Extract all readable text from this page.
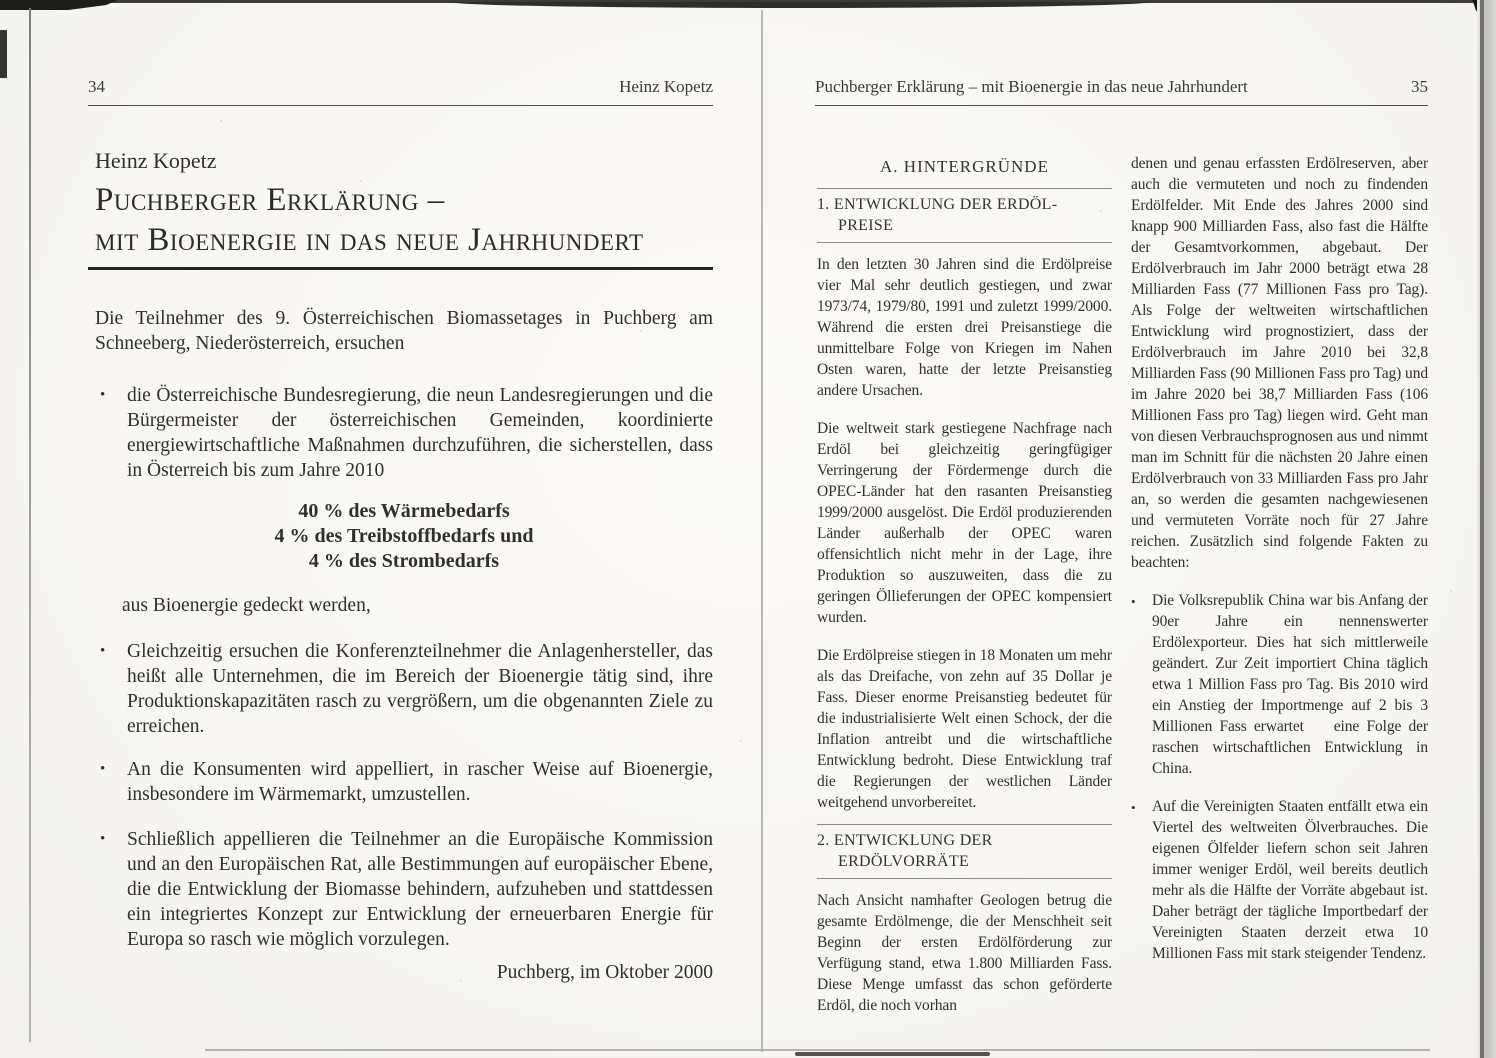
34	Heinz Kopetz
Heinz Kopetz
Puchberger Erklärung –
mit Bioenergie in das neue Jahrhundert
Die Teilnehmer des 9. Österreichischen Biomassetages in Puchberg am Schneeberg, Niederösterreich, ersuchen
•	die Österreichische Bundesregierung, die neun Landesregierungen und die Bürgermeister der österreichischen Gemeinden, koordinierte energiewirtschaftliche Maßnahmen durchzuführen, die sicherstellen, dass in Österreich bis zum Jahre 2010
40 % des Wärmebedarfs
4 % des Treibstoffbedarfs und
4 % des Strombedarfs
aus Bioenergie gedeckt werden,
•	Gleichzeitig ersuchen die Konferenzteilnehmer die Anlagenhersteller, das heißt alle Unternehmen, die im Bereich der Bioenergie tätig sind, ihre Produktionskapazitäten rasch zu vergrößern, um die obgenannten Ziele zu erreichen.
•	An die Konsumenten wird appelliert, in rascher Weise auf Bioenergie, insbesondere im Wärmemarkt, umzustellen.
•	Schließlich appellieren die Teilnehmer an die Europäische Kommission und an den Europäischen Rat, alle Bestimmungen auf europäischer Ebene, die die Entwicklung der Biomasse behindern, aufzuheben und stattdessen ein integriertes Konzept zur Entwicklung der erneuerbaren Energie für Europa so rasch wie möglich vorzulegen.
Puchberg, im Oktober 2000
Puchberger Erklärung – mit Bioenergie in das neue Jahrhundert	35
A. HINTERGRÜNDE
1. ENTWICKLUNG DER ERDÖL-
PREISE

In den letzten 30 Jahren sind die Erdölpreise vier Mal sehr deutlich gestiegen, und zwar 1973/74, 1979/80, 1991 und zuletzt 1999/2000. Während die ersten drei Preisanstiege die unmittelbare Folge von Kriegen im Nahen Osten waren, hatte der letzte Preisanstieg andere Ursachen.

Die weltweit stark gestiegene Nachfrage nach Erdöl bei gleichzeitig geringfügiger Verringerung der Fördermenge durch die OPEC-Länder hat den rasanten Preisanstieg 1999/2000 ausgelöst. Die Erdöl produzierenden Länder außerhalb der OPEC waren offensichtlich nicht mehr in der Lage, ihre Produktion so auszuweiten, dass die zu geringen Öllieferungen der OPEC kompensiert wurden.

Die Erdölpreise stiegen in 18 Monaten um mehr als das Dreifache, von zehn auf 35 Dollar je Fass. Dieser enorme Preisanstieg bedeutet für die industrialisierte Welt einen Schock, der die Inflation antreibt und die wirtschaftliche Entwicklung bedroht. Diese Entwicklung traf die Regierungen der westlichen Länder weitgehend unvorbereitet.

2. ENTWICKLUNG DER
ERDÖLVORRÄTE

Nach Ansicht namhafter Geologen betrug die gesamte Erdölmenge, die der Menschheit seit Beginn der ersten Erdölförderung zur Verfügung stand, etwa 1.800 Milliarden Fass. Diese Menge umfasst das schon geförderte Erdöl, die noch vorhan

denen und genau erfassten Erdölreserven, aber auch die vermuteten und noch zu findenden Erdölfelder. Mit Ende des Jahres 2000 sind knapp 900 Milliarden Fass, also fast die Hälfte der Gesamtvorkommen, abgebaut. Der Erdölverbrauch im Jahr 2000 beträgt etwa 28 Milliarden Fass (77 Millionen Fass pro Tag). Als Folge der weltweiten wirtschaftlichen Entwicklung wird prognostiziert, dass der Erdölverbrauch im Jahre 2010 bei 32,8 Milliarden Fass (90 Millionen Fass pro Tag) und im Jahre 2020 bei 38,7 Milliarden Fass (106 Millionen Fass pro Tag) liegen wird. Geht man von diesen Verbrauchsprognosen aus und nimmt man im Schnitt für die nächsten 20 Jahre einen Erdölverbrauch von 33 Milliarden Fass pro Jahr an, so werden die gesamten nachgewiesenen und vermuteten Vorräte noch für 27 Jahre reichen. Zusätzlich sind folgende Fakten zu beachten:

•	Die Volksrepublik China war bis Anfang der 90er Jahre ein nennenswerter Erdölexporteur. Dies hat sich mittlerweile geändert. Zur Zeit importiert China täglich etwa 1 Million Fass pro Tag. Bis 2010 wird ein Anstieg der Importmenge auf 2 bis 3 Millionen Fass erwartet   eine Folge der raschen wirtschaftlichen Entwicklung in China.
•	Auf die Vereinigten Staaten entfällt etwa ein Viertel des weltweiten Ölverbrauches. Die eigenen Ölfelder liefern schon seit Jahren immer weniger Erdöl, weil bereits deutlich mehr als die Hälfte der Vorräte abgebaut ist. Daher beträgt der tägliche Importbedarf der Vereinigten Staaten derzeit etwa 10 Millionen Fass mit stark steigender Tendenz.
